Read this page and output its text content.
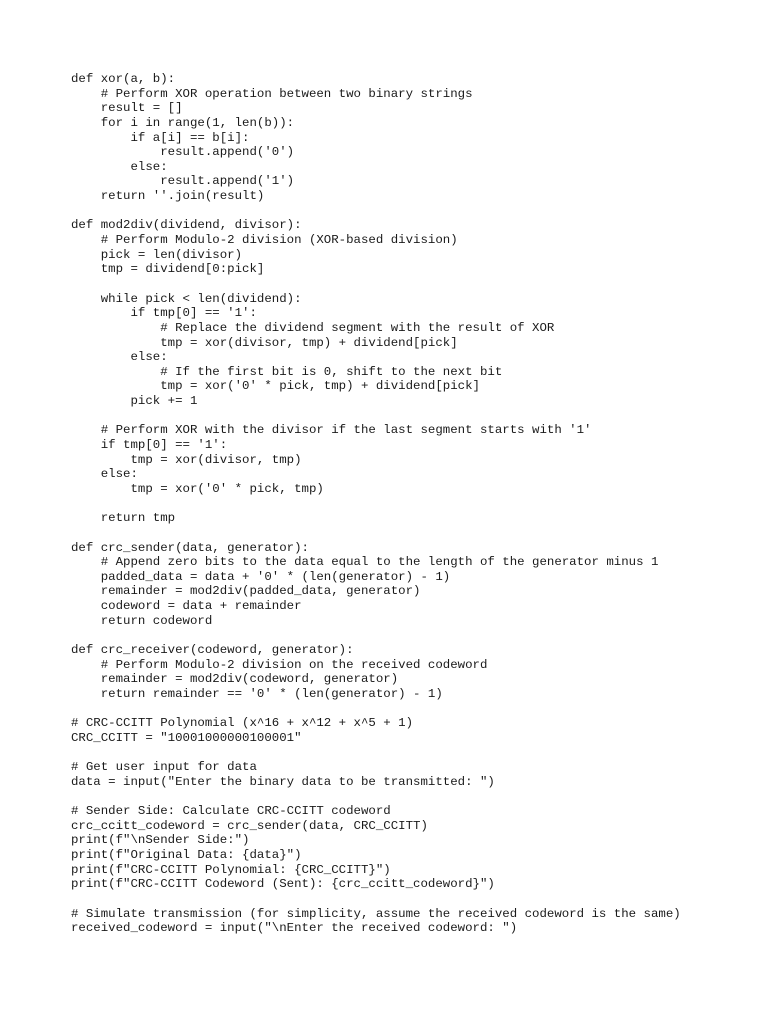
def xor(a, b):
# Perform XOR operation between two binary strings
result = []
for i in range(1, len(b)):
if a[i] == b[i]:
result.append('0')
else:
result.append('1')
return ''.join(result)
def mod2div(dividend, divisor):
# Perform Modulo-2 division (XOR-based division)
pick = len(divisor)
tmp = dividend[0:pick]
while pick < len(dividend):
if tmp[0] == '1':
# Replace the dividend segment with the result of XOR
tmp = xor(divisor, tmp) + dividend[pick]
else:
# If the first bit is 0, shift to the next bit
tmp = xor('0' * pick, tmp) + dividend[pick]
pick += 1
# Perform XOR with the divisor if the last segment starts with '1'
if tmp[0] == '1':
tmp = xor(divisor, tmp)
else:
tmp = xor('0' * pick, tmp)
return tmp
def crc_sender(data, generator):
# Append zero bits to the data equal to the length of the generator minus 1
padded_data = data + '0' * (len(generator) - 1)
remainder = mod2div(padded_data, generator)
codeword = data + remainder
return codeword
def crc_receiver(codeword, generator):
# Perform Modulo-2 division on the received codeword
remainder = mod2div(codeword, generator)
return remainder == '0' * (len(generator) - 1)
# CRC-CCITT Polynomial (x^16 + x^12 + x^5 + 1)
CRC_CCITT = "10001000000100001"
# Get user input for data
data = input("Enter the binary data to be transmitted: ")
# Sender Side: Calculate CRC-CCITT codeword
crc_ccitt_codeword = crc_sender(data, CRC_CCITT)
print(f"\nSender Side:")
print(f"Original Data: {data}")
print(f"CRC-CCITT Polynomial: {CRC_CCITT}")
print(f"CRC-CCITT Codeword (Sent): {crc_ccitt_codeword}")
# Simulate transmission (for simplicity, assume the received codeword is the same)
received_codeword = input("\nEnter the received codeword: ")
